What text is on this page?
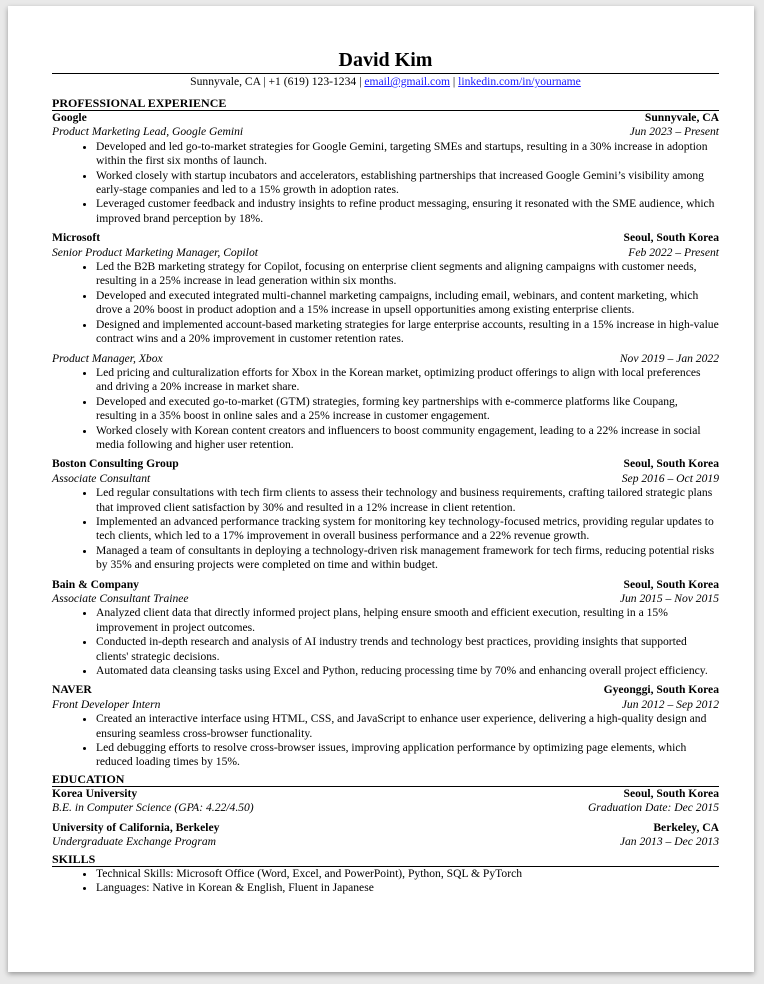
David Kim
Sunnyvale, CA | +1 (619) 123-1234 | email@gmail.com | linkedin.com/in/yourname
PROFESSIONAL EXPERIENCE
Google	Sunnyvale, CA
Product Marketing Lead, Google Gemini	Jun 2023 – Present
• Developed and led go-to-market strategies for Google Gemini, targeting SMEs and startups, resulting in a 30% increase in adoption within the first six months of launch.
• Worked closely with startup incubators and accelerators, establishing partnerships that increased Google Gemini’s visibility among early-stage companies and led to a 15% growth in adoption rates.
• Leveraged customer feedback and industry insights to refine product messaging, ensuring it resonated with the SME audience, which improved brand perception by 18%.
Microsoft	Seoul, South Korea
Senior Product Marketing Manager, Copilot	Feb 2022 – Present
• Led the B2B marketing strategy for Copilot, focusing on enterprise client segments and aligning campaigns with customer needs, resulting in a 25% increase in lead generation within six months.
• Developed and executed integrated multi-channel marketing campaigns, including email, webinars, and content marketing, which drove a 20% boost in product adoption and a 15% increase in upsell opportunities among existing enterprise clients.
• Designed and implemented account-based marketing strategies for large enterprise accounts, resulting in a 15% increase in high-value contract wins and a 20% improvement in customer retention rates.
Product Manager, Xbox	Nov 2019 – Jan 2022
• Led pricing and culturalization efforts for Xbox in the Korean market, optimizing product offerings to align with local preferences and driving a 20% increase in market share.
• Developed and executed go-to-market (GTM) strategies, forming key partnerships with e-commerce platforms like Coupang, resulting in a 35% boost in online sales and a 25% increase in customer engagement.
• Worked closely with Korean content creators and influencers to boost community engagement, leading to a 22% increase in social media following and higher user retention.
Boston Consulting Group	Seoul, South Korea
Associate Consultant	Sep 2016 – Oct 2019
• Led regular consultations with tech firm clients to assess their technology and business requirements, crafting tailored strategic plans that improved client satisfaction by 30% and resulted in a 12% increase in client retention.
• Implemented an advanced performance tracking system for monitoring key technology-focused metrics, providing regular updates to tech clients, which led to a 17% improvement in overall business performance and a 22% revenue growth.
• Managed a team of consultants in deploying a technology-driven risk management framework for tech firms, reducing potential risks by 35% and ensuring projects were completed on time and within budget.
Bain & Company	Seoul, South Korea
Associate Consultant Trainee	Jun 2015 – Nov 2015
• Analyzed client data that directly informed project plans, helping ensure smooth and efficient execution, resulting in a 15% improvement in project outcomes.
• Conducted in-depth research and analysis of AI industry trends and technology best practices, providing insights that supported clients' strategic decisions.
• Automated data cleansing tasks using Excel and Python, reducing processing time by 70% and enhancing overall project efficiency.
NAVER	Gyeonggi, South Korea
Front Developer Intern	Jun 2012 – Sep 2012
• Created an interactive interface using HTML, CSS, and JavaScript to enhance user experience, delivering a high-quality design and ensuring seamless cross-browser functionality.
• Led debugging efforts to resolve cross-browser issues, improving application performance by optimizing page elements, which reduced loading times by 15%.
EDUCATION
Korea University	Seoul, South Korea
B.E. in Computer Science (GPA: 4.22/4.50)	Graduation Date: Dec 2015
University of California, Berkeley	Berkeley, CA
Undergraduate Exchange Program	Jan 2013 – Dec 2013
SKILLS
• Technical Skills: Microsoft Office (Word, Excel, and PowerPoint), Python, SQL & PyTorch
• Languages: Native in Korean & English, Fluent in Japanese
